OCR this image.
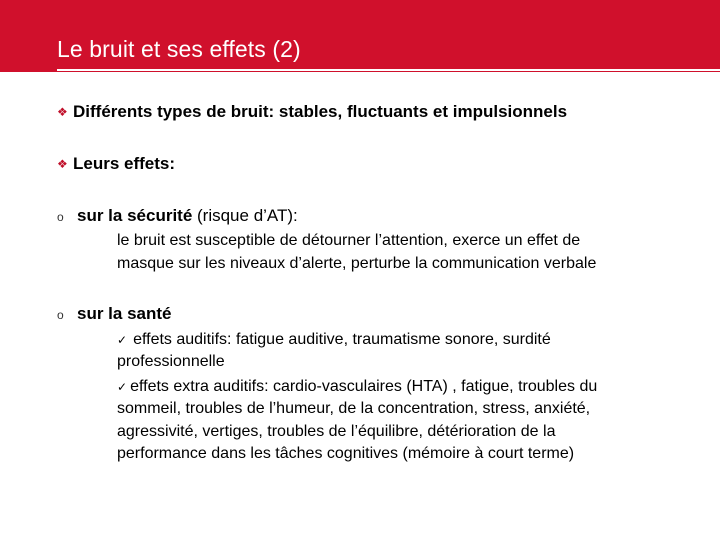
Le bruit et ses effets (2)
❖ Différents types de bruit: stables, fluctuants et impulsionnels
❖ Leurs effets:
o sur la sécurité (risque d’AT):
le bruit est susceptible de détourner l’attention, exerce un effet de
masque sur les niveaux d’alerte, perturbe la communication verbale
o sur la santé
✓ effets auditifs: fatigue auditive, traumatisme sonore, surdité
professionnelle
✓ effets extra auditifs: cardio-vasculaires (HTA) , fatigue, troubles du
sommeil, troubles de l’humeur, de la concentration, stress, anxiété,
agressivité, vertiges, troubles de l’équilibre, détérioration de la
performance dans les tâches cognitives (mémoire à court terme)
